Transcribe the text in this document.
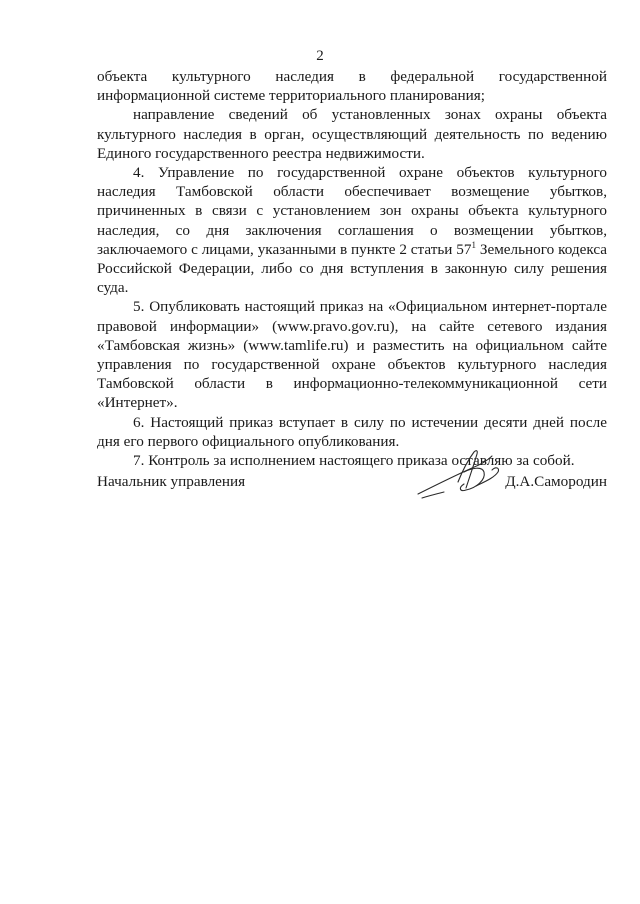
2

объекта культурного наследия в федеральной государственной информационной системе территориального планирования;

направление сведений об установленных зонах охраны объекта культурного наследия в орган, осуществляющий деятельность по ведению Единого государственного реестра недвижимости.

4. Управление по государственной охране объектов культурного наследия Тамбовской области обеспечивает возмещение убытков, причиненных в связи с установлением зон охраны объекта культурного наследия, со дня заключения соглашения о возмещении убытков, заключаемого с лицами, указанными в пункте 2 статьи $57^1$ Земельного кодекса Российской Федерации, либо со дня вступления в законную силу решения суда.

5. Опубликовать настоящий приказ на «Официальном интернет-портале правовой информации» (www.pravo.gov.ru), на сайте сетевого издания «Тамбовская жизнь» (www.tamlife.ru) и разместить на официальном сайте управления по государственной охране объектов культурного наследия Тамбовской области в информационно-телекоммуникационной сети «Интернет».

6. Настоящий приказ вступает в силу по истечении десяти дней после дня его первого официального опубликования.

7. Контроль за исполнением настоящего приказа оставляю за собой.

Начальник управления	Д.А.Самородин
